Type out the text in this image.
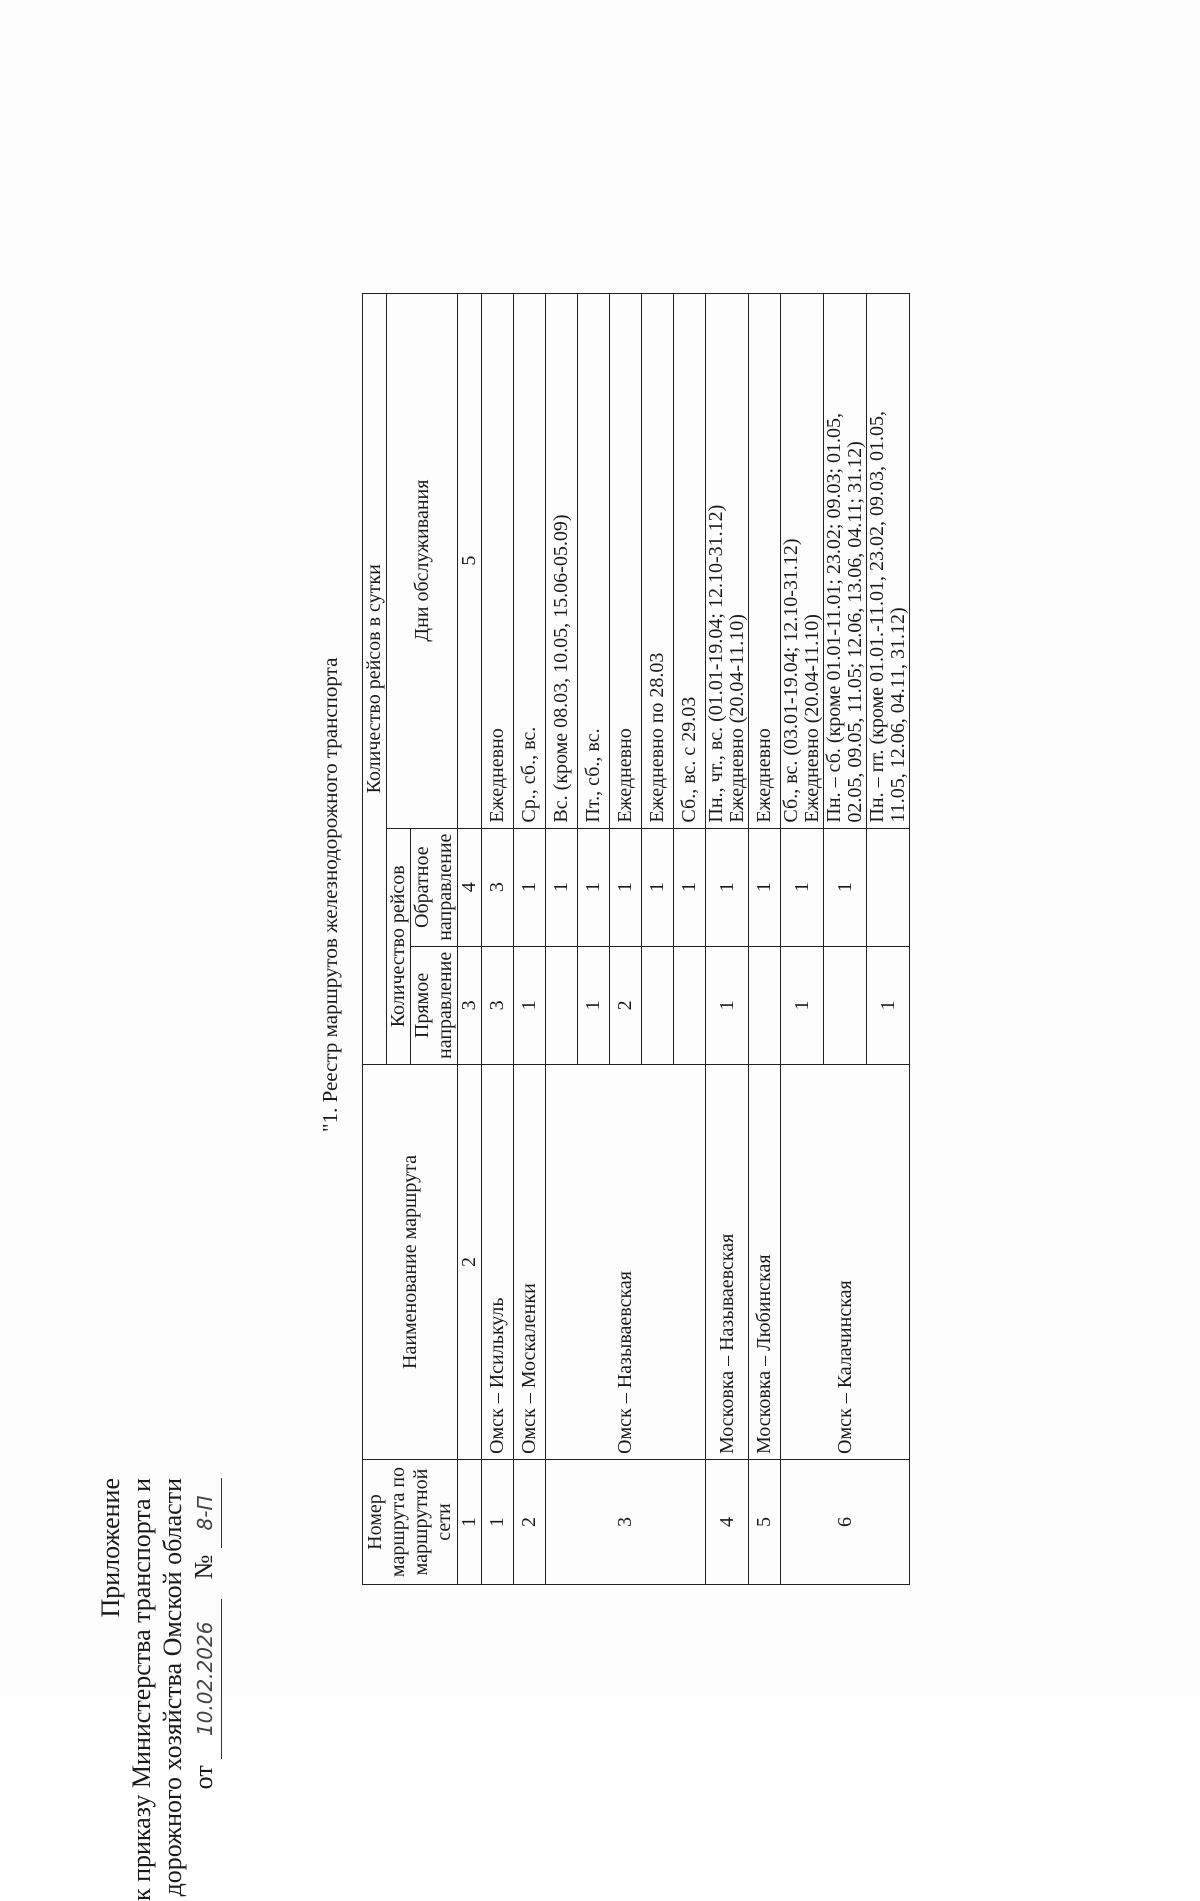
Приложение к приказу Министерства транспорта и дорожного хозяйства Омской области от 10.02.2026   № 8-П
"1. Реестр маршрутов железнодорожного транспорта
Номер маршрута по маршрутной сети	Наименование маршрута	Количество рейсов в сутки		
		Количество рейсов		Дни обслуживания
		Прямое направление	Обратное направление	
1	2	3	4	5
1	Омск – Исилькуль	3	3	Ежедневно

2	Омск – Москаленки	1	1	Ср., сб., вс.

3	Омск – Называевская		1	Вс. (кроме 08.03, 10.05, 15.06-05.09)

		1	1	Пт., сб., вс.

		2	1	Ежедневно

			1	Ежедневно по 28.03

			1	Сб., вс. с 29.03

4	Московка – Называевская	1	1	Пн., чт., вс. (01.01-19.04; 12.10-31.12) Ежедневно (20.04-11.10)

5	Московка – Любинская		1	Ежедневно

6	Омск – Калачинская	1	1	Сб., вс. (03.01-19.04; 12.10-31.12) Ежедневно (20.04-11.10)

			1	Пн. – сб. (кроме 01.01-11.01; 23.02; 09.03; 01.05, 02.05, 09.05, 11.05; 12.06, 13.06, 04.11; 31.12)

		1		Пн. – пт. (кроме 01.01.-11.01, 23.02, 09.03, 01.05, 11.05, 12.06, 04.11, 31.12)
